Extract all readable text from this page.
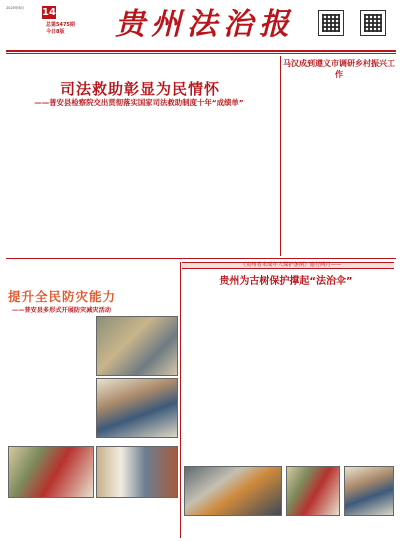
2025年6月	14
总第5475期
今日8版	贵州法治报
司法救助彰显为民情怀
——普安县检察院交出贯彻落实国家司法救助制度十年“成绩单”

马汉成到遵义市调研乡村振兴工作
《贵州省未成年人保护条例》施行两月——
贵州为古树保护撑起“法治伞”
提升全民防灾能力
——普安县多形式开展防灾减灾活动
